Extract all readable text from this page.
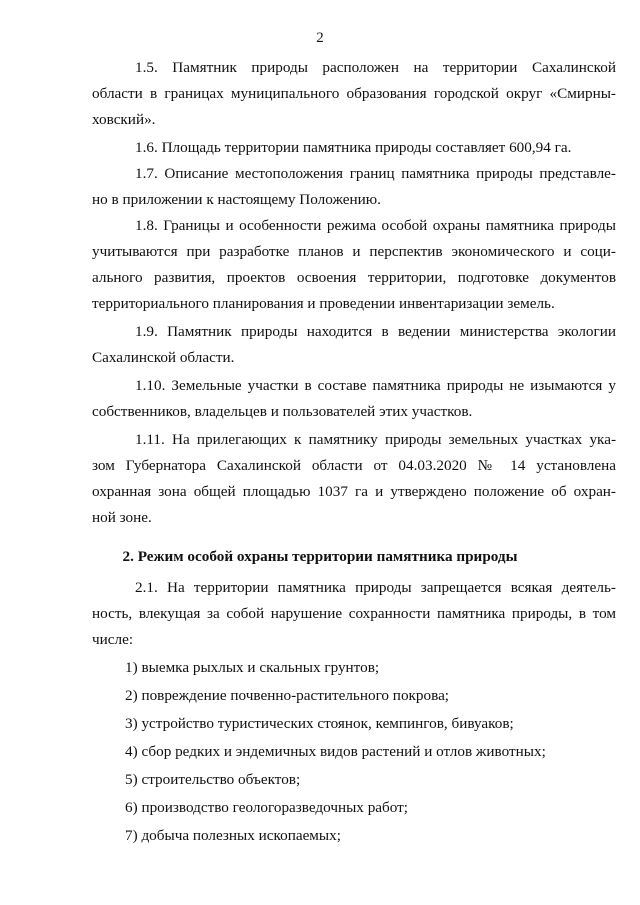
2
1.5. Памятник природы расположен на территории Сахалинской
области в границах муниципального образования городской округ «Смирны-
ховский».
1.6. Площадь территории памятника природы составляет 600,94 га.
1.7. Описание местоположения границ памятника природы представле-
но в приложении к настоящему Положению.
1.8. Границы и особенности режима особой охраны памятника природы
учитываются при разработке планов и перспектив экономического и соци-
ального развития, проектов освоения территории, подготовке документов
территориального планирования и проведении инвентаризации земель.
1.9. Памятник природы находится в ведении министерства экологии
Сахалинской области.
1.10. Земельные участки в составе памятника природы не изымаются у
собственников, владельцев и пользователей этих участков.
1.11. На прилегающих к памятнику природы земельных участках ука-
зом Губернатора Сахалинской области от 04.03.2020 № 14 установлена
охранная зона общей площадью 1037 га и утверждено положение об охран-
ной зоне.
2. Режим особой охраны территории памятника природы
2.1. На территории памятника природы запрещается всякая деятель-
ность, влекущая за собой нарушение сохранности памятника природы, в том
числе:
1) выемка рыхлых и скальных грунтов;
2) повреждение почвенно-растительного покрова;
3) устройство туристических стоянок, кемпингов, бивуаков;
4) сбор редких и эндемичных видов растений и отлов животных;
5) строительство объектов;
6) производство геологоразведочных работ;
7) добыча полезных ископаемых;
